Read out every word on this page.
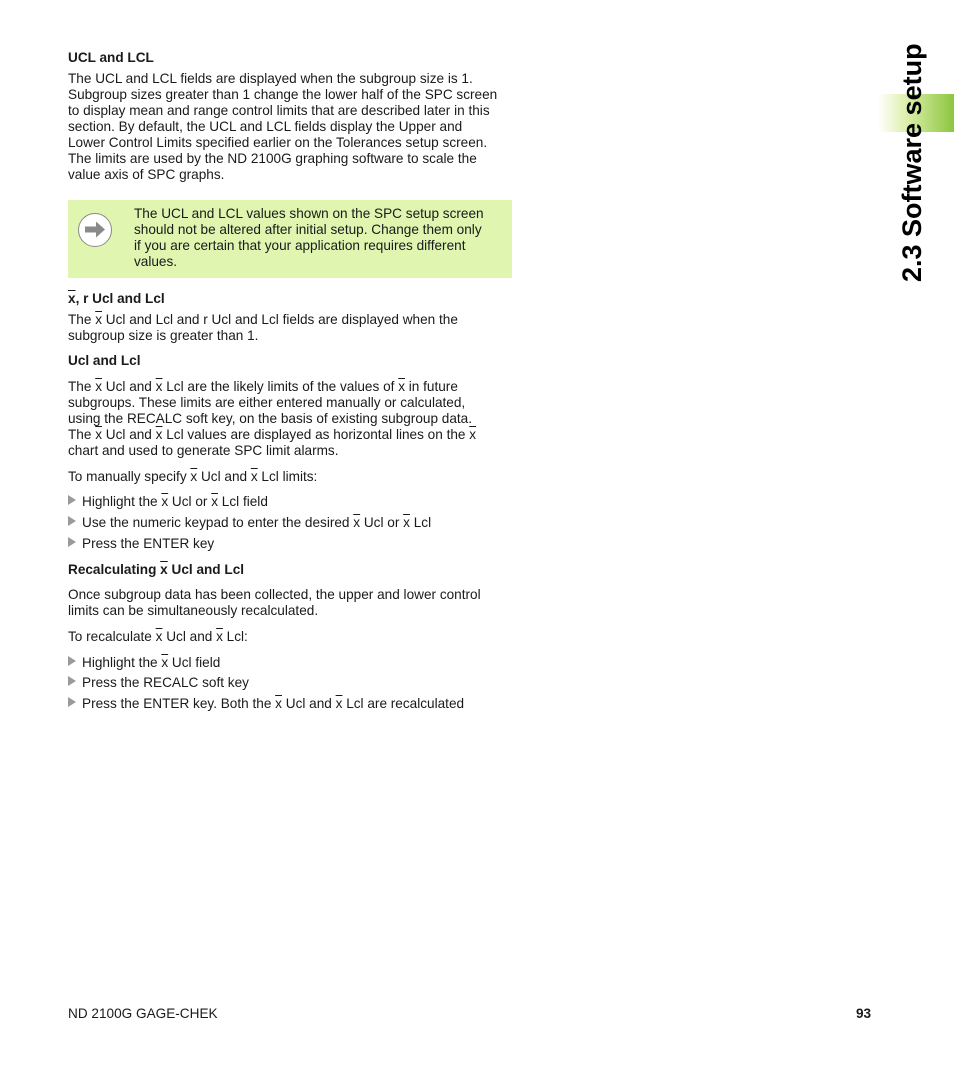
2.3 Software setup
UCL and LCL
The UCL and LCL fields are displayed when the subgroup size is 1.
Subgroup sizes greater than 1 change the lower half of the SPC screen
to display mean and range control limits that are described later in this
section. By default, the UCL and LCL fields display the Upper and
Lower Control Limits specified earlier on the Tolerances setup screen.
The limits are used by the ND 2100G graphing software to scale the
value axis of SPC graphs.
The UCL and LCL values shown on the SPC setup screen
should not be altered after initial setup. Change them only
if you are certain that your application requires different
values.
x, r Ucl and Lcl
The $\overline{x}$ Ucl and Lcl and r Ucl and Lcl fields are displayed when the
subgroup size is greater than 1.
Ucl and Lcl
The $\overline{x}$ Ucl and $\overline{x}$ Lcl are the likely limits of the values of $\overline{x}$ in future
subgroups. These limits are either entered manually or calculated,
using the RECALC soft key, on the basis of existing subgroup data.
The $\overline{x}$ Ucl and $\overline{x}$ Lcl values are displayed as horizontal lines on the $\overline{x}$
chart and used to generate SPC limit alarms.
To manually specify $\overline{x}$ Ucl and $\overline{x}$ Lcl limits:
Highlight the $\overline{x}$ Ucl or $\overline{x}$ Lcl field
Use the numeric keypad to enter the desired $\overline{x}$ Ucl or $\overline{x}$ Lcl
Press the ENTER key
Recalculating x Ucl and Lcl
Once subgroup data has been collected, the upper and lower control
limits can be simultaneously recalculated.
To recalculate $\overline{x}$ Ucl and $\overline{x}$ Lcl:
Highlight the $\overline{x}$ Ucl field
Press the RECALC soft key
Press the ENTER key. Both the $\overline{x}$ Ucl and $\overline{x}$ Lcl are recalculated
ND 2100G GAGE-CHEK	93
